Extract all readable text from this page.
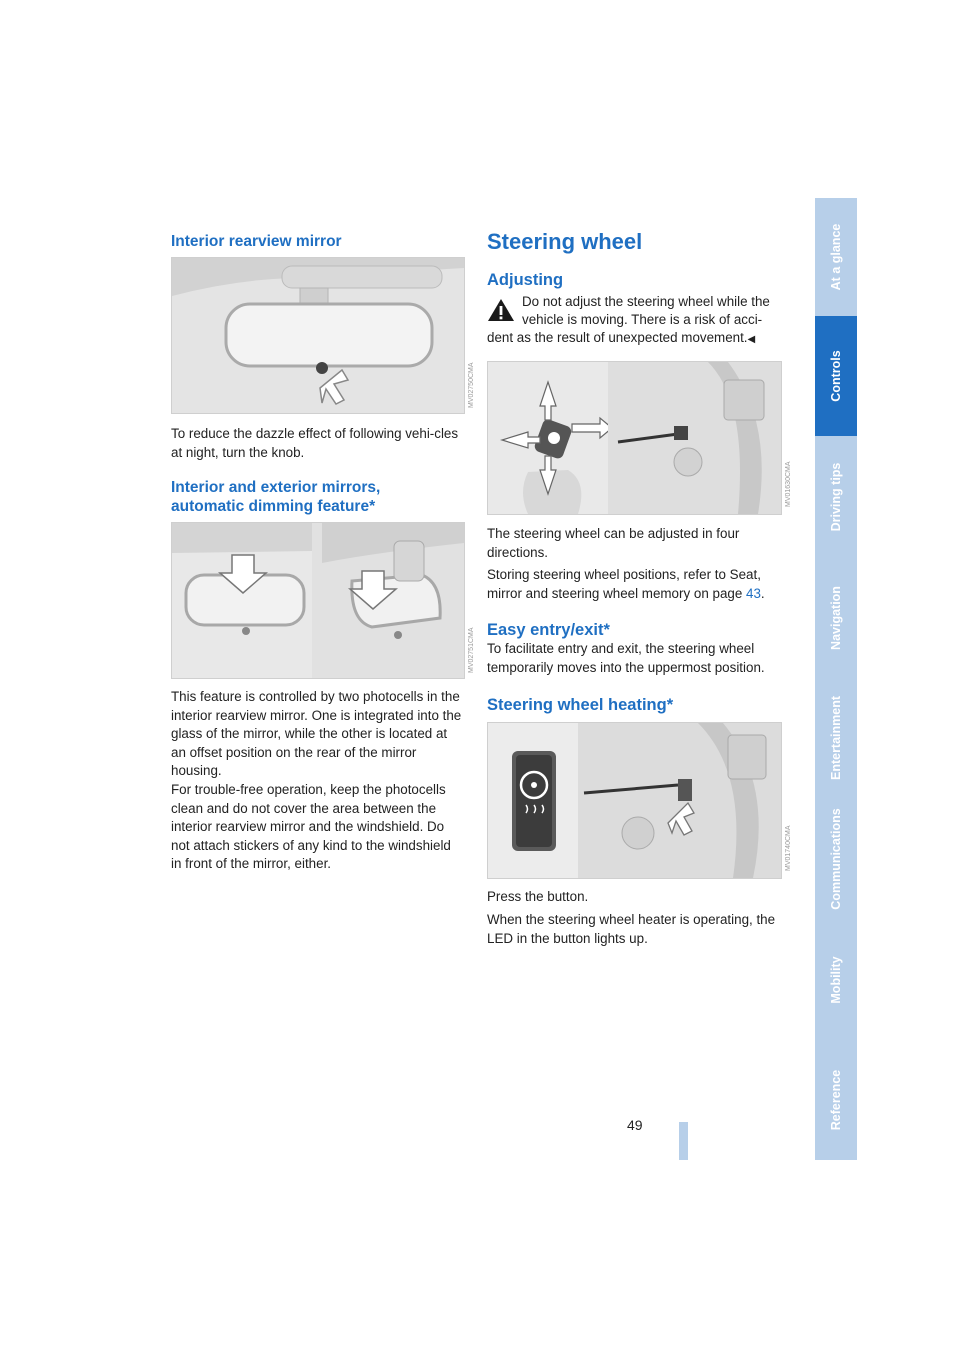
Interior rearview mirror
MV02750CMA
To reduce the dazzle effect of following vehi-cles at night, turn the knob.
Interior and exterior mirrors,
automatic dimming feature*
MV02751CMA
This feature is controlled by two photocells in the interior rearview mirror. One is integrated into the glass of the mirror, while the other is located at an offset position on the rear of the mirror housing.
For trouble-free operation, keep the photocells clean and do not cover the area between the interior rearview mirror and the windshield. Do not attach stickers of any kind to the windshield in front of the mirror, either.
Steering wheel
Adjusting
Do not adjust the steering wheel while the
vehicle is moving. There is a risk of acci-
dent as the result of unexpected movement.◀
MV01630CMA
The steering wheel can be adjusted in four directions.
Storing steering wheel positions, refer to Seat, mirror and steering wheel memory on page 43.
Easy entry/exit*
To facilitate entry and exit, the steering wheel temporarily moves into the uppermost position.
Steering wheel heating*
MV01740CMA
Press the button.
When the steering wheel heater is operating, the LED in the button lights up.
49
At a glance
Controls
Driving tips
Navigation
Entertainment
Communications
Mobility
Reference
